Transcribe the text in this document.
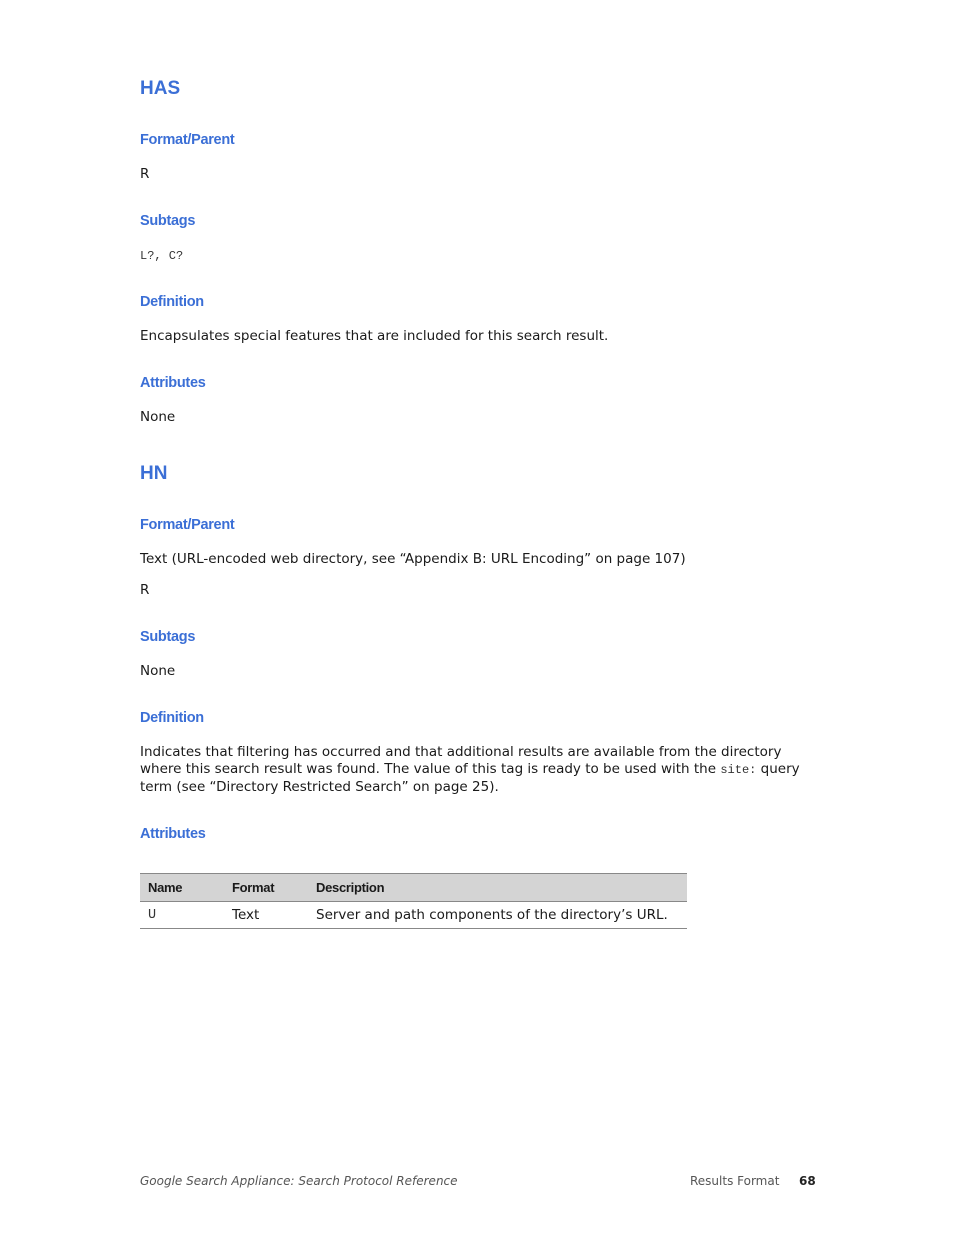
HAS
Format/Parent

R

Subtags

L?, C?

Definition

Encapsulates special features that are included for this search result.

Attributes

None

HN
Format/Parent

Text (URL-encoded web directory, see “Appendix B: URL Encoding” on page 107)

R

Subtags

None

Definition

Indicates that filtering has occurred and that additional results are available from the directory where this search result was found. The value of this tag is ready to be used with the site: query term (see “Directory Restricted Search” on page 25).

Attributes
Name	Format	Description
U	Text	Server and path components of the directory’s URL.
Google Search Appliance: Search Protocol Reference	Results Format 68
